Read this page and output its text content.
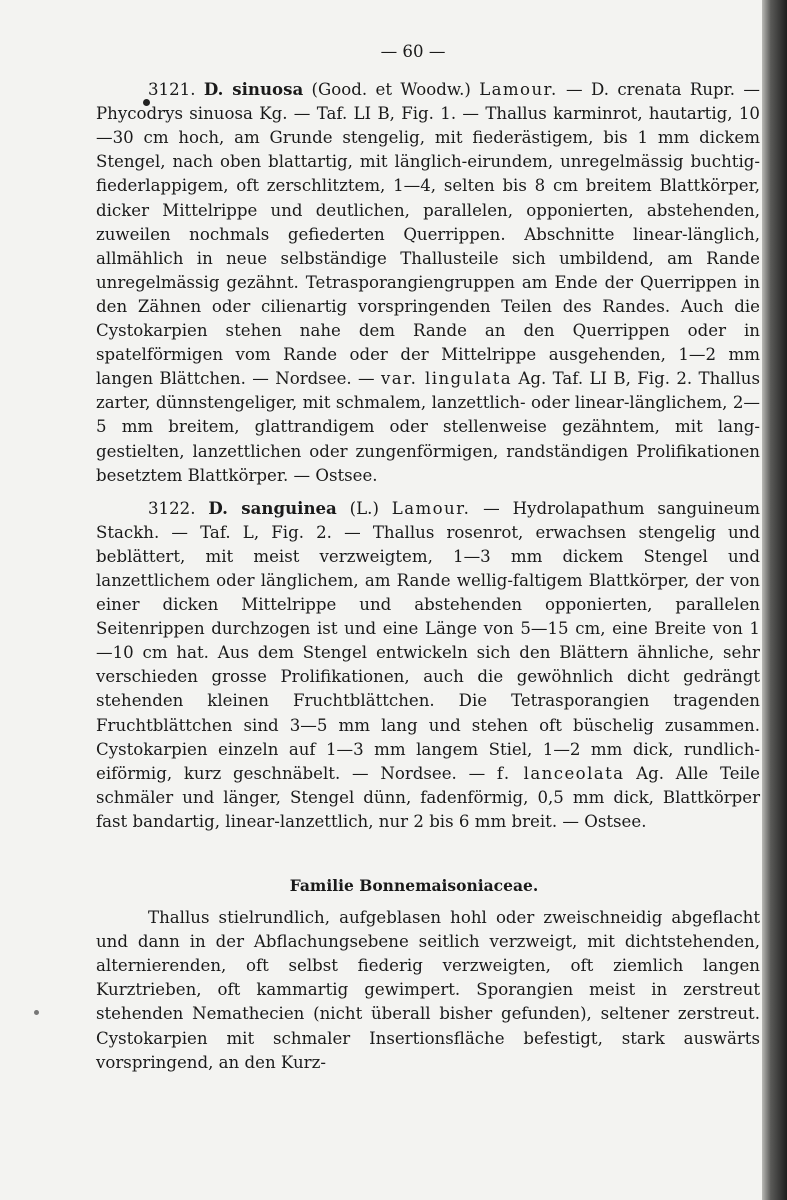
— 60 —

3121. D. sinuosa (Good. et Woodw.) Lamour. — D. crenata Rupr. — Phycodrys sinuosa Kg. — Taf. LI B, Fig. 1. — Thallus karminrot, hautartig, 10—30 cm hoch, am Grunde stengelig, mit fiederästigem, bis 1 mm dickem Stengel, nach oben blattartig, mit länglich-eirundem, unregelmässig buchtig-fiederlappigem, oft zerschlitztem, 1—4, selten bis 8 cm breitem Blattkörper, dicker Mittelrippe und deutlichen, parallelen, opponierten, abstehenden, zuweilen nochmals gefiederten Querrippen. Abschnitte linear-länglich, allmählich in neue selbständige Thallusteile sich umbildend, am Rande unregelmässig gezähnt. Tetrasporangiengruppen am Ende der Querrippen in den Zähnen oder cilienartig vorspringenden Teilen des Randes. Auch die Cystokarpien stehen nahe dem Rande an den Querrippen oder in spatelförmigen vom Rande oder der Mittelrippe ausgehenden, 1—2 mm langen Blättchen. — Nordsee. — var. lingulata Ag. Taf. LI B, Fig. 2. Thallus zarter, dünnstengeliger, mit schmalem, lanzettlich- oder linear-länglichem, 2—5 mm breitem, glattrandigem oder stellenweise gezähntem, mit lang-gestielten, lanzettlichen oder zungenförmigen, randständigen Prolifikationen besetztem Blattkörper. — Ostsee.

3122. D. sanguinea (L.) Lamour. — Hydrolapathum sanguineum Stackh. — Taf. L, Fig. 2. — Thallus rosenrot, erwachsen stengelig und beblättert, mit meist verzweigtem, 1—3 mm dickem Stengel und lanzettlichem oder länglichem, am Rande wellig-faltigem Blattkörper, der von einer dicken Mittelrippe und abstehenden opponierten, parallelen Seitenrippen durchzogen ist und eine Länge von 5—15 cm, eine Breite von 1—10 cm hat. Aus dem Stengel entwickeln sich den Blättern ähnliche, sehr verschieden grosse Prolifikationen, auch die gewöhnlich dicht gedrängt stehenden kleinen Fruchtblättchen. Die Tetrasporangien tragenden Fruchtblättchen sind 3—5 mm lang und stehen oft büschelig zusammen. Cystokarpien einzeln auf 1—3 mm langem Stiel, 1—2 mm dick, rundlich-eiförmig, kurz geschnäbelt. — Nordsee. — f. lanceolata Ag. Alle Teile schmäler und länger, Stengel dünn, fadenförmig, 0,5 mm dick, Blattkörper fast bandartig, linear-lanzettlich, nur 2 bis 6 mm breit. — Ostsee.

Familie Bonnemaisoniaceae.

Thallus stielrundlich, aufgeblasen hohl oder zweischneidig abgeflacht und dann in der Abflachungsebene seitlich verzweigt, mit dichtstehenden, alternierenden, oft selbst fiederig verzweigten, oft ziemlich langen Kurztrieben, oft kammartig gewimpert. Sporangien meist in zerstreut stehenden Nemathecien (nicht überall bisher gefunden), seltener zerstreut. Cystokarpien mit schmaler Insertionsfläche befestigt, stark auswärts vorspringend, an den Kurz-
